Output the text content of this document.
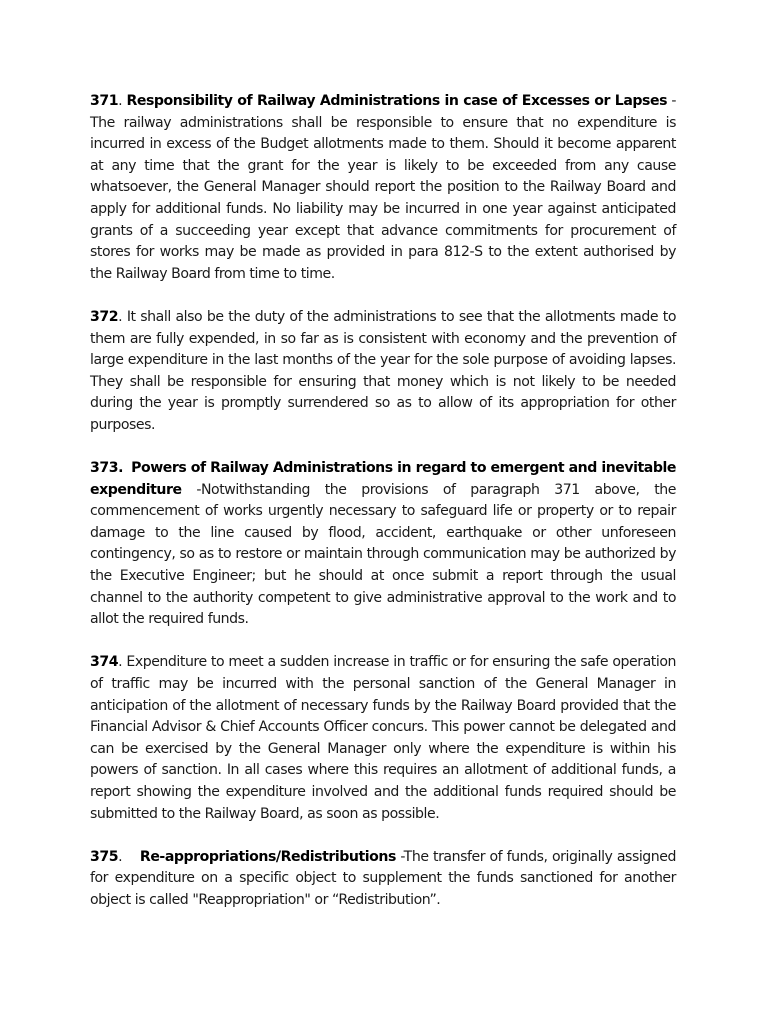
371. Responsibility of Railway Administrations in case of Excesses or Lapses -The railway administrations shall be responsible to ensure that no expenditure is incurred in excess of the Budget allotments made to them. Should it become apparent at any time that the grant for the year is likely to be exceeded from any cause whatsoever, the General Manager should report the position to the Railway Board and apply for additional funds. No liability may be incurred in one year against anticipated grants of a succeeding year except that advance commitments for procurement of stores for works may be made as provided in para 812-S to the extent authorised by the Railway Board from time to time.

372. It shall also be the duty of the administrations to see that the allotments made to them are fully expended, in so far as is consistent with economy and the prevention of large expenditure in the last months of the year for the sole purpose of avoiding lapses. They shall be responsible for ensuring that money which is not likely to be needed during the year is promptly surrendered so as to allow of its appropriation for other purposes.

373. Powers of Railway Administrations in regard to emergent and inevitable expenditure -Notwithstanding the provisions of paragraph 371 above, the commencement of works urgently necessary to safeguard life or property or to repair damage to the line caused by flood, accident, earthquake or other unforeseen contingency, so as to restore or maintain through communication may be authorized by the Executive Engineer; but he should at once submit a report through the usual channel to the authority competent to give administrative approval to the work and to allot the required funds.

374. Expenditure to meet a sudden increase in traffic or for ensuring the safe operation of traffic may be incurred with the personal sanction of the General Manager in anticipation of the allotment of necessary funds by the Railway Board provided that the Financial Advisor & Chief Accounts Officer concurs. This power cannot be delegated and can be exercised by the General Manager only where the expenditure is within his powers of sanction. In all cases where this requires an allotment of additional funds, a report showing the expenditure involved and the additional funds required should be submitted to the Railway Board, as soon as possible.

375.    Re-appropriations/Redistributions -The transfer of funds, originally assigned for expenditure on a specific object to supplement the funds sanctioned for another object is called "Reappropriation" or “Redistribution”.
